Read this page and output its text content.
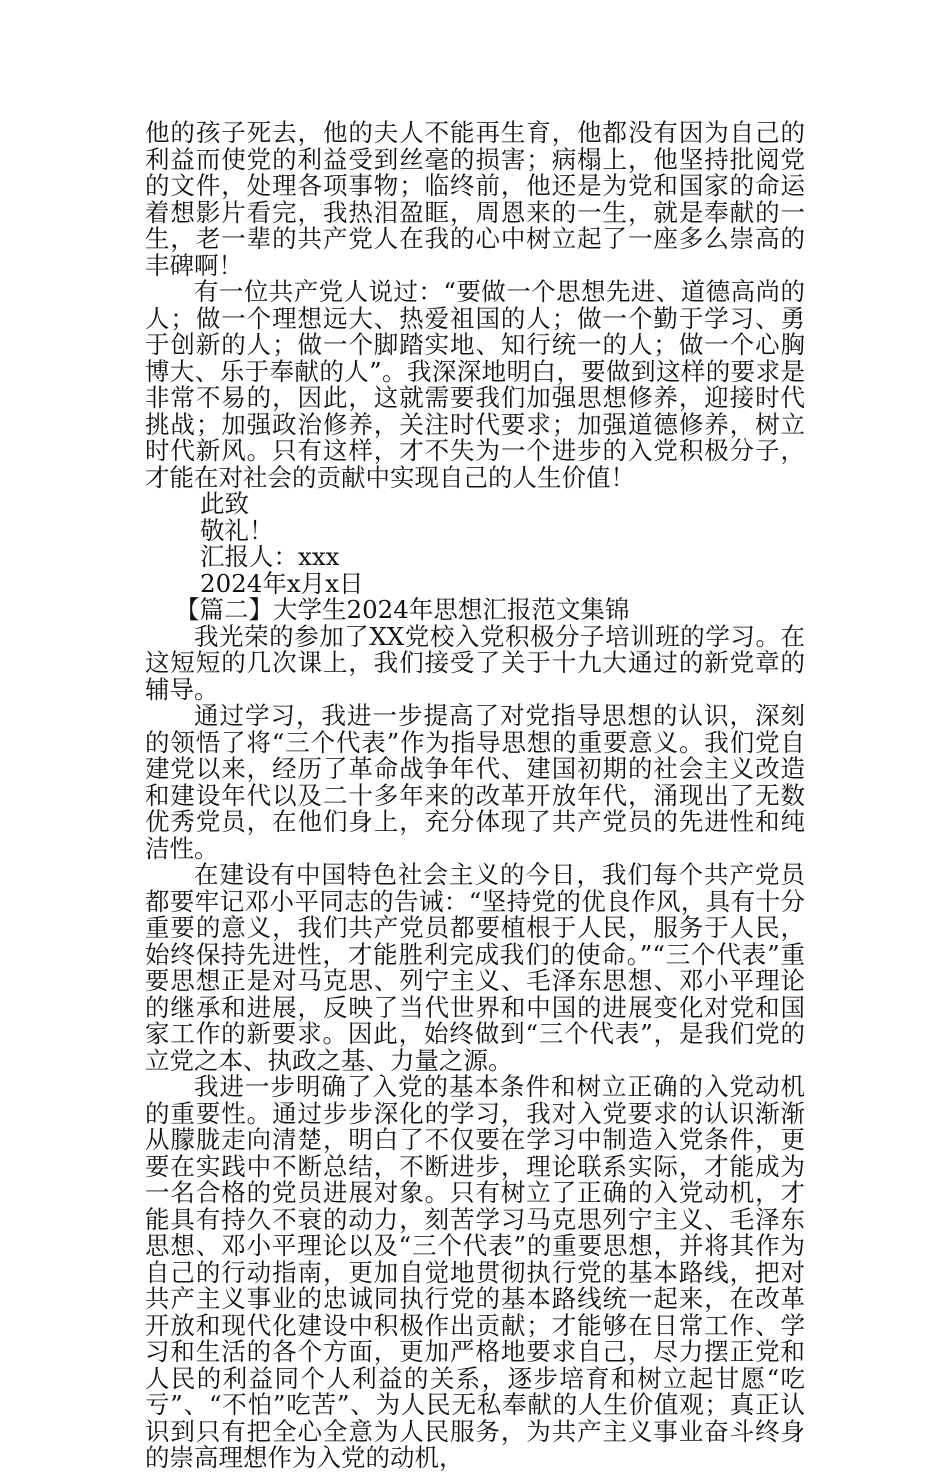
他的孩子死去，他的夫人不能再生育，他都没有因为自己的利益而使党的利益受到丝毫的损害；病榻上，他坚持批阅党的文件，处理各项事物；临终前，他还是为党和国家的命运着想影片看完，我热泪盈眶，周恩来的一生，就是奉献的一生，老一辈的共产党人在我的心中树立起了一座多么崇高的丰碑啊！

有一位共产党人说过：“要做一个思想先进、道德高尚的人；做一个理想远大、热爱祖国的人；做一个勤于学习、勇于创新的人；做一个脚踏实地、知行统一的人；做一个心胸博大、乐于奉献的人”。我深深地明白，要做到这样的要求是非常不易的，因此，这就需要我们加强思想修养，迎接时代挑战；加强政治修养，关注时代要求；加强道德修养，树立时代新风。只有这样，才不失为一个进步的入党积极分子，才能在对社会的贡献中实现自己的人生价值！

此致

敬礼！

汇报人：xxx

2024年x月x日

【篇二】大学生2024年思想汇报范文集锦

我光荣的参加了XX党校入党积极分子培训班的学习。在这短短的几次课上，我们接受了关于十九大通过的新党章的辅导。

通过学习，我进一步提高了对党指导思想的认识，深刻的领悟了将“三个代表”作为指导思想的重要意义。我们党自建党以来，经历了革命战争年代、建国初期的社会主义改造和建设年代以及二十多年来的改革开放年代，涌现出了无数优秀党员，在他们身上，充分体现了共产党员的先进性和纯洁性。

在建设有中国特色社会主义的今日，我们每个共产党员都要牢记邓小平同志的告诫：“坚持党的优良作风，具有十分重要的意义，我们共产党员都要植根于人民，服务于人民，始终保持先进性，才能胜利完成我们的使命。”“三个代表”重要思想正是对马克思、列宁主义、毛泽东思想、邓小平理论的继承和进展，反映了当代世界和中国的进展变化对党和国家工作的新要求。因此，始终做到“三个代表”，是我们党的立党之本、执政之基、力量之源。

我进一步明确了入党的基本条件和树立正确的入党动机的重要性。通过步步深化的学习，我对入党要求的认识渐渐从朦胧走向清楚，明白了不仅要在学习中制造入党条件，更要在实践中不断总结，不断进步，理论联系实际，才能成为一名合格的党员进展对象。只有树立了正确的入党动机，才能具有持久不衰的动力，刻苦学习马克思列宁主义、毛泽东思想、邓小平理论以及“三个代表”的重要思想，并将其作为自己的行动指南，更加自觉地贯彻执行党的基本路线，把对共产主义事业的忠诚同执行党的基本路线统一起来，在改革开放和现代化建设中积极作出贡献；才能够在日常工作、学习和生活的各个方面，更加严格地要求自己，尽力摆正党和人民的利益同个人利益的关系，逐步培育和树立起甘愿“吃亏”、“不怕”吃苦”、为人民无私奉献的人生价值观；真正认识到只有把全心全意为人民服务，为共产主义事业奋斗终身的崇高理想作为入党的动机，
